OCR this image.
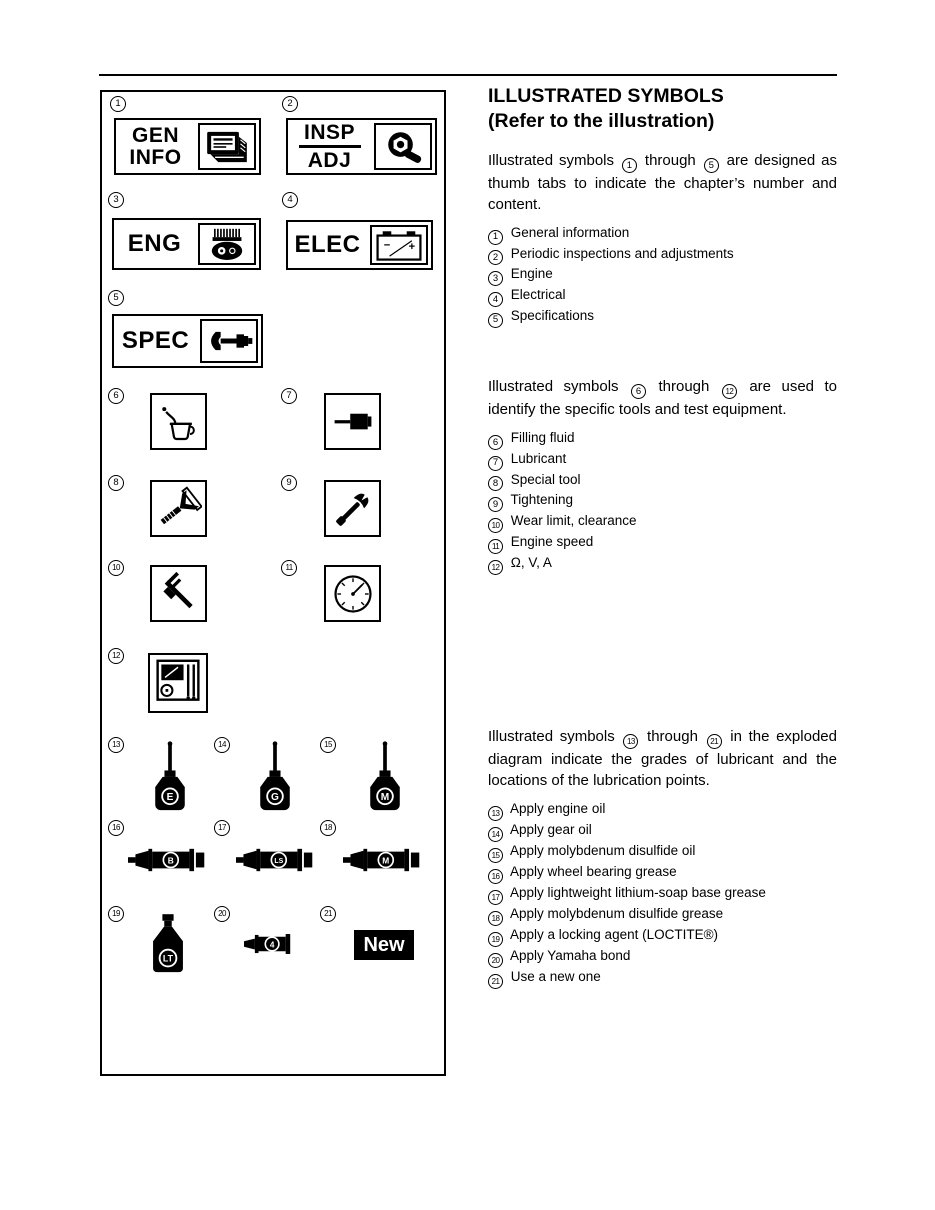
1
GEN
INFO
2
INSP
ADJ
3
ENG
4
ELEC − +
5
SPEC
6	7
8	9
10	11
12
13
E
14
G
15
M
16
B
17
LS
18
M
19
LT
20
4
21
New
ILLUSTRATED SYMBOLS
(Refer to the illustration)

Illustrated symbols 1 through 5 are designed as thumb tabs to indicate the chapter’s number and content.

1 General information
2 Periodic inspections and adjustments
3 Engine
4 Electrical
5 Specifications

Illustrated symbols 6 through 12 are used to identify the specific tools and test equipment.

6 Filling fluid
7 Lubricant
8 Special tool
9 Tightening
10 Wear limit, clearance
11 Engine speed
12 Ω, V, A

Illustrated symbols 13 through 21 in the exploded diagram indicate the grades of lubricant and the locations of the lubrication points.

13 Apply engine oil
14 Apply gear oil
15 Apply molybdenum disulfide oil
16 Apply wheel bearing grease
17 Apply lightweight lithium-soap base grease
18 Apply molybdenum disulfide grease
19 Apply a locking agent (LOCTITE®)
20 Apply Yamaha bond
21 Use a new one
